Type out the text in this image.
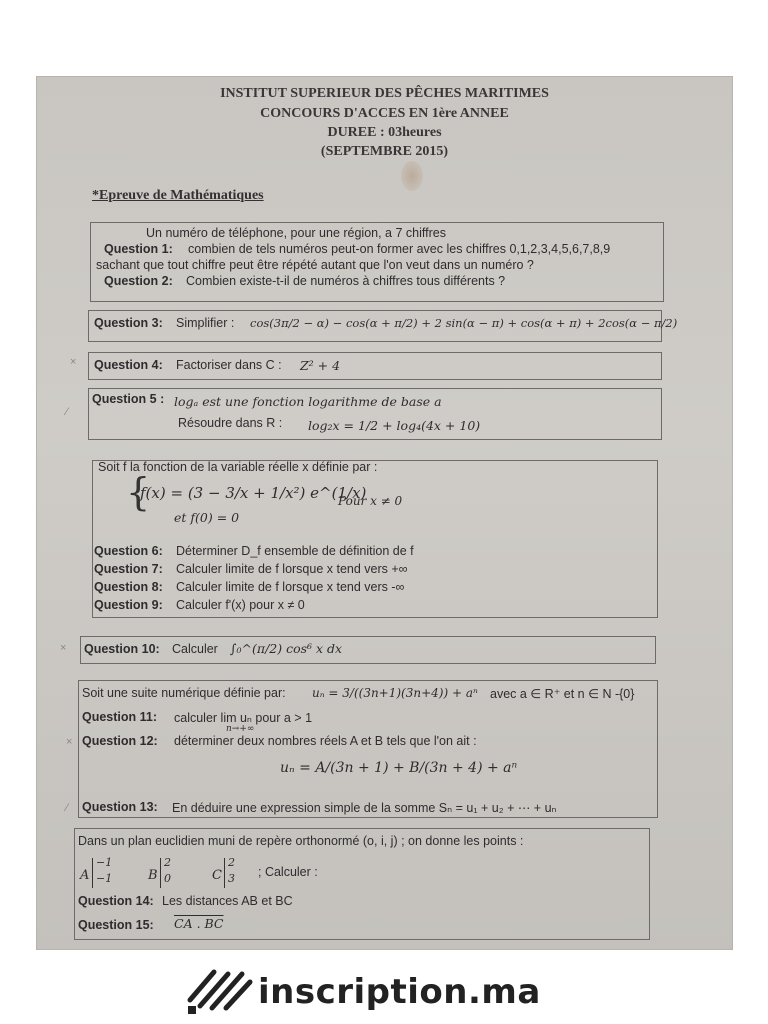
INSTITUT SUPERIEUR DES PÊCHES MARITIMES
CONCOURS D'ACCES EN 1ère ANNEE
DUREE : 03heures
(SEPTEMBRE 2015)
*Epreuve de Mathématiques
Un numéro de téléphone, pour une région, a 7 chiffres
Question 1: combien de tels numéros peut-on former avec les chiffres 0,1,2,3,4,5,6,7,8,9
sachant que tout chiffre peut être répété autant que l'on veut dans un numéro ?
Question 2: Combien existe-t-il de numéros à chiffres tous différents ?
Question 3: Simplifier : cos(3π/2 − α) − cos(α + π/2) + 2 sin(α − π) + cos(α + π) + 2cos(α − π/2)
× Question 4: Factoriser dans C : Z² + 4
⁄
Question 5 : logₐ est une fonction logarithme de base a
Résoudre dans R : log₂x = 1/2 + log₄(4x + 10)
Soit f la fonction de la variable réelle x définie par :
{
f(x) = (3 − 3/x + 1/x²) e^(1/x)
Pour x ≠ 0
et f(0) = 0
Question 6: Déterminer D_f ensemble de définition de f
Question 7: Calculer limite de f lorsque x tend vers +∞
Question 8: Calculer limite de f lorsque x tend vers -∞
Question 9: Calculer f'(x) pour x ≠ 0
× Question 10: Calculer ∫₀^(π/2) cos⁶ x dx
Soit une suite numérique définie par: uₙ = 3/((3n+1)(3n+4)) + aⁿ avec a ∈ R⁺ et n ∈ N -{0}
Question 11: calculer lim uₙ pour a > 1
n→+∞
× Question 12: déterminer deux nombres réels A et B tels que l'on ait :
uₙ = A/(3n + 1) + B/(3n + 4) + aⁿ
⁄ Question 13: En déduire une expression simple de la somme Sₙ = u₁ + u₂ + ⋯ + uₙ
Dans un plan euclidien muni de repère orthonormé (o, i, j) ; on donne les points :
A
−1
−1	B
2
0	C
2
3 ; Calculer :
Question 14: Les distances AB et BC
Question 15: CA . BC
inscription.ma
